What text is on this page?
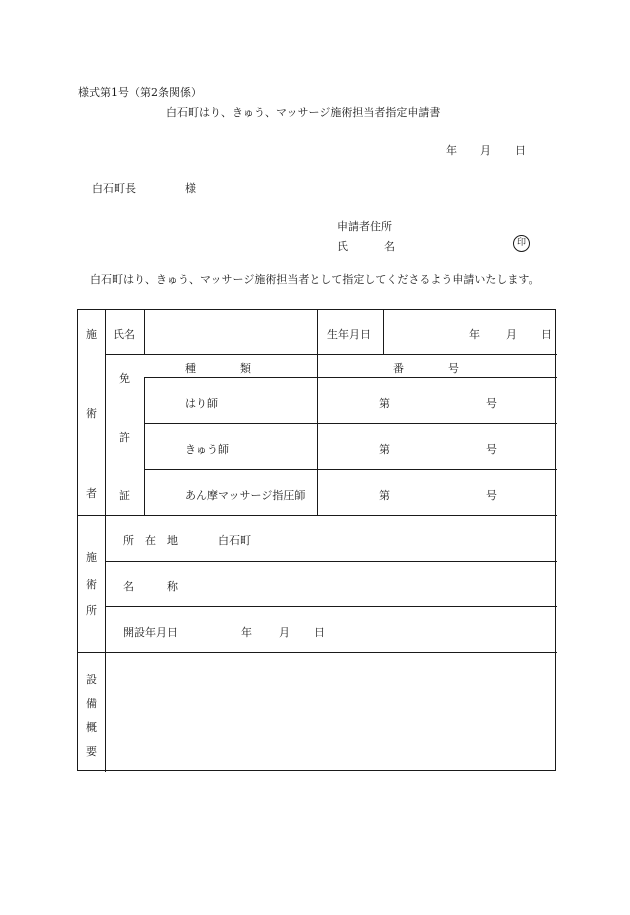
様式第1号（第2条関係）
白石町はり、きゅう、マッサージ施術担当者指定申請書
年 月 日
白石町長	様
申請者住所
氏	名	印
白石町はり、きゅう、マッサージ施術担当者として指定してくださるよう申請いたします。
施
術
者
氏名	生年月日	年 月 日
免
許
証
種　　　　類	番　　　　号
はり師	第	号
きゅう師	第	号
あん摩マッサージ指圧師	第	号
施
術
所
所　在　地	白石町
名　　　称
開設年月日	年 月 日
設
備
概
要
